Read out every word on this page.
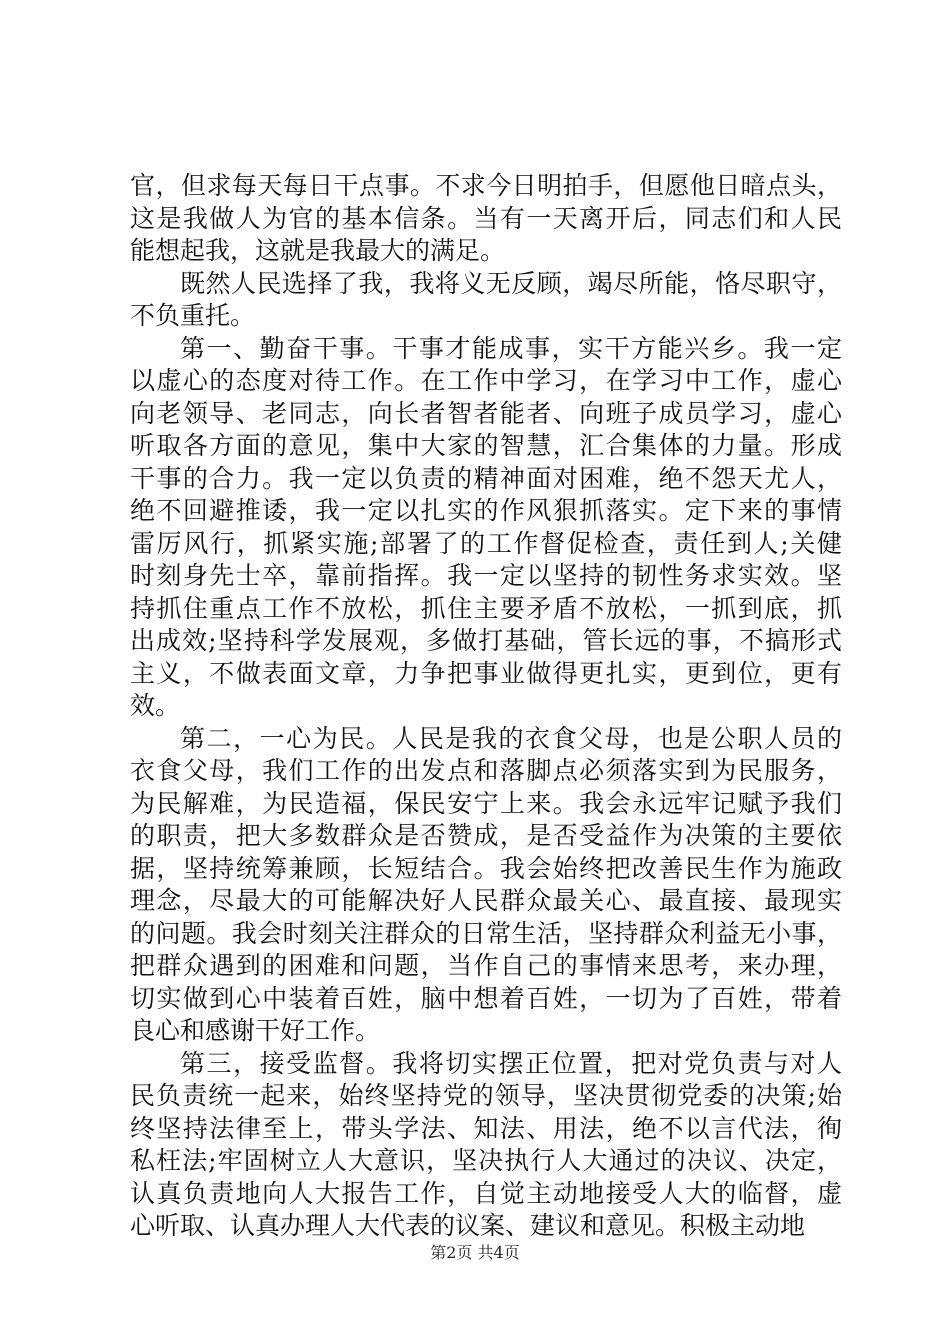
官，但求每天每日干点事。不求今日明拍手，但愿他日暗点头，
这是我做人为官的基本信条。当有一天离开后，同志们和人民
能想起我，这就是我最大的满足。
既然人民选择了我，我将义无反顾，竭尽所能，恪尽职守，
不负重托。
第一、勤奋干事。干事才能成事，实干方能兴乡。我一定
以虚心的态度对待工作。在工作中学习，在学习中工作，虚心
向老领导、老同志，向长者智者能者、向班子成员学习，虚心
听取各方面的意见，集中大家的智慧，汇合集体的力量。形成
干事的合力。我一定以负责的精神面对困难，绝不怨天尤人，
绝不回避推诿，我一定以扎实的作风狠抓落实。定下来的事情
雷厉风行，抓紧实施;部署了的工作督促检查，责任到人;关健
时刻身先士卒，靠前指挥。我一定以坚持的韧性务求实效。坚
持抓住重点工作不放松，抓住主要矛盾不放松，一抓到底，抓
出成效;坚持科学发展观，多做打基础，管长远的事，不搞形式
主义，不做表面文章，力争把事业做得更扎实，更到位，更有
效。
第二，一心为民。人民是我的衣食父母，也是公职人员的
衣食父母，我们工作的出发点和落脚点必须落实到为民服务，
为民解难，为民造福，保民安宁上来。我会永远牢记赋予我们
的职责，把大多数群众是否赞成，是否受益作为决策的主要依
据，坚持统筹兼顾，长短结合。我会始终把改善民生作为施政
理念，尽最大的可能解决好人民群众最关心、最直接、最现实
的问题。我会时刻关注群众的日常生活，坚持群众利益无小事，
把群众遇到的困难和问题，当作自己的事情来思考，来办理，
切实做到心中装着百姓，脑中想着百姓，一切为了百姓，带着
良心和感谢干好工作。
第三，接受监督。我将切实摆正位置，把对党负责与对人
民负责统一起来，始终坚持党的领导，坚决贯彻党委的决策;始
终坚持法律至上，带头学法、知法、用法，绝不以言代法，徇
私枉法;牢固树立人大意识，坚决执行人大通过的决议、决定，
认真负责地向人大报告工作，自觉主动地接受人大的临督，虚
心听取、认真办理人大代表的议案、建议和意见。积极主动地
第2页 共4页
